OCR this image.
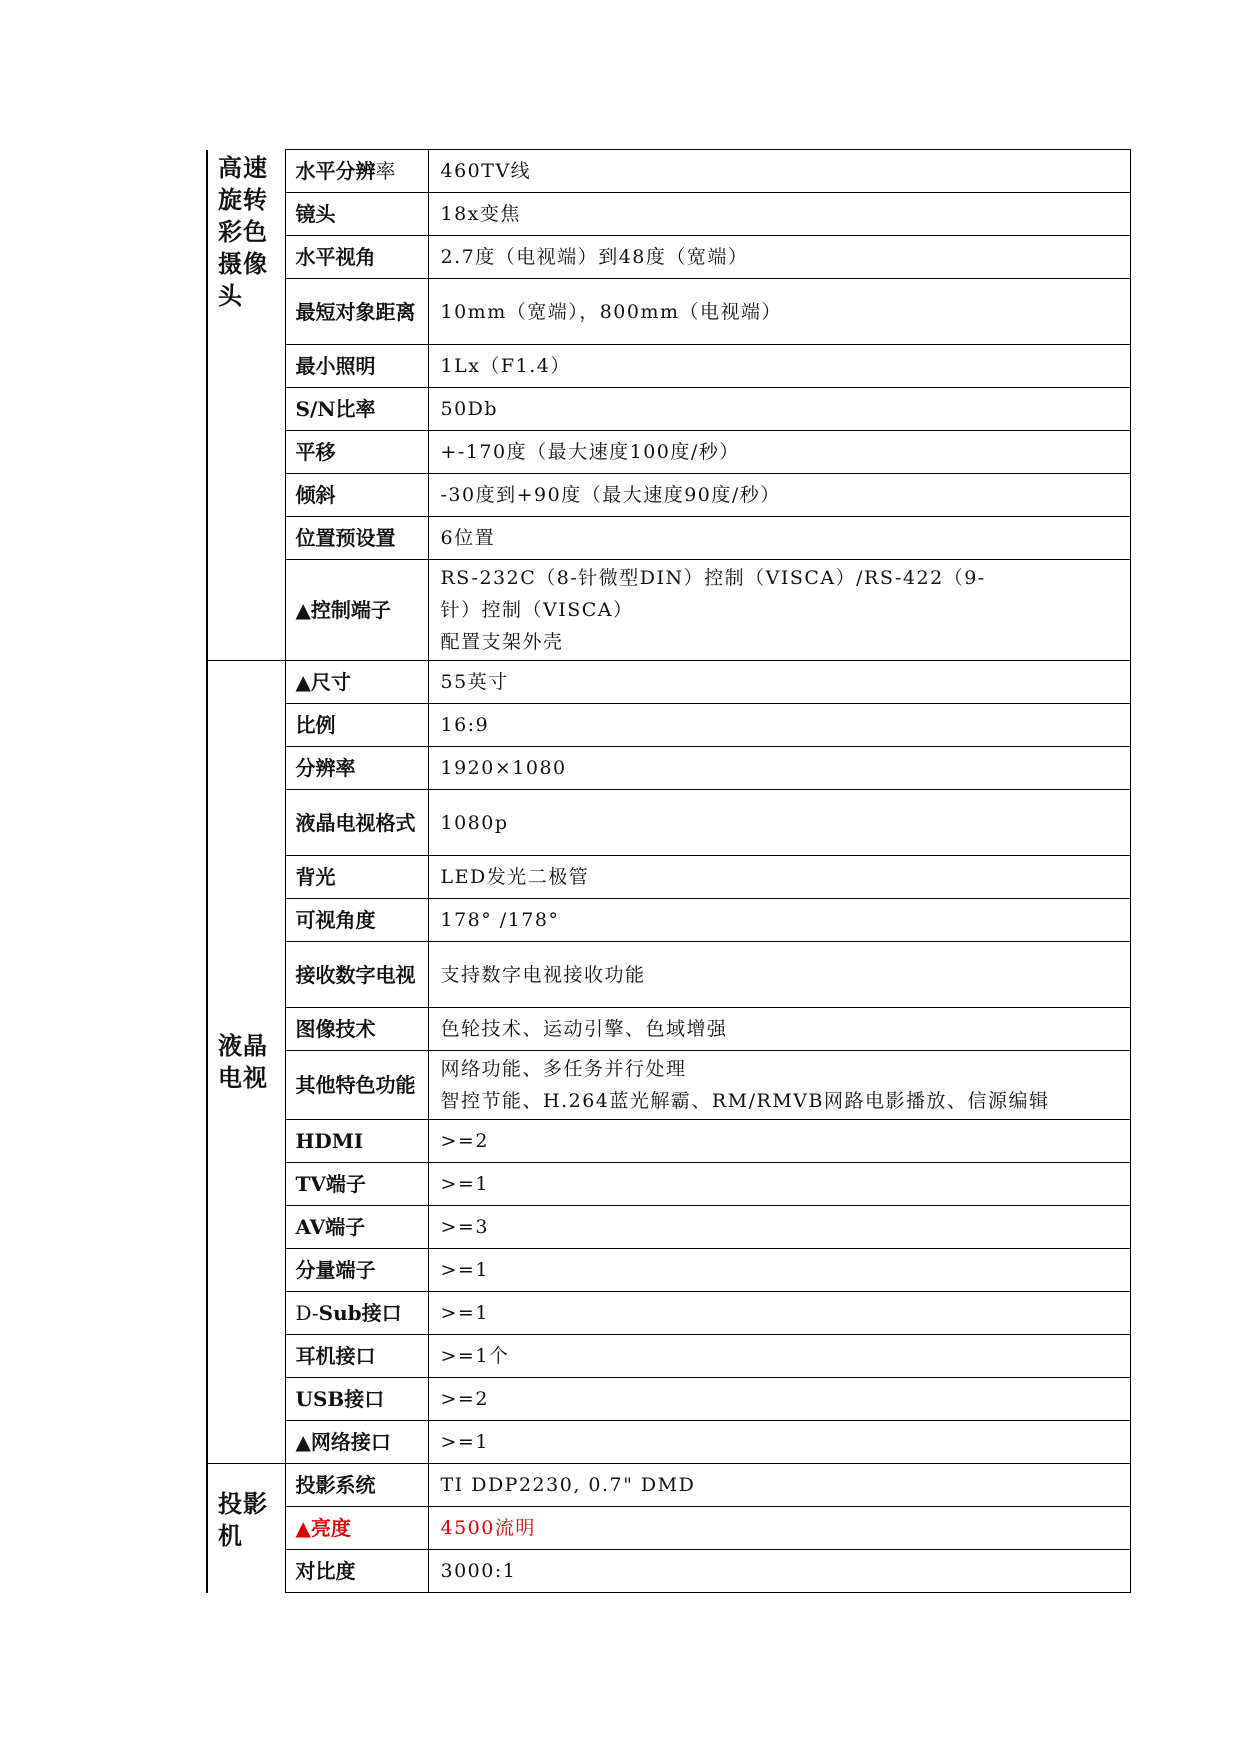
高速旋转彩色摄像头	水平分辨率	460TV线

	镜头	18x变焦

	水平视角	2.7度（电视端）到48度（宽端）

	最短对象距离	10mm（宽端），800mm（电视端）

	最小照明	1Lx（F1.4）

	S/N比率	50Db

	平移	+-170度（最大速度100度/秒）

	倾斜	-30度到+90度（最大速度90度/秒）

	位置预设置	6位置

	▲控制端子	RS-232C（8-针微型DIN）控制（VISCA）/RS-422（9-
针）控制（VISCA）
配置支架外壳

液晶电视	▲尺寸	55英寸

	比例	16:9

	分辨率	1920×1080

	液晶电视格式	1080p

	背光	LED发光二极管

	可视角度	178° /178°

	接收数字电视	支持数字电视接收功能

	图像技术	色轮技术、运动引擎、色域增强

	其他特色功能	网络功能、多任务并行处理
智控节能、H.264蓝光解霸、RM/RMVB网路电影播放、信源编辑

	HDMI	>=2

	TV端子	>=1

	AV端子	>=3

	分量端子	>=1

	D-Sub接口	>=1

	耳机接口	>=1个

	USB接口	>=2

	▲网络接口	>=1

投影机	投影系统	TI DDP2230, 0.7" DMD

	▲亮度	4500流明

	对比度	3000:1
